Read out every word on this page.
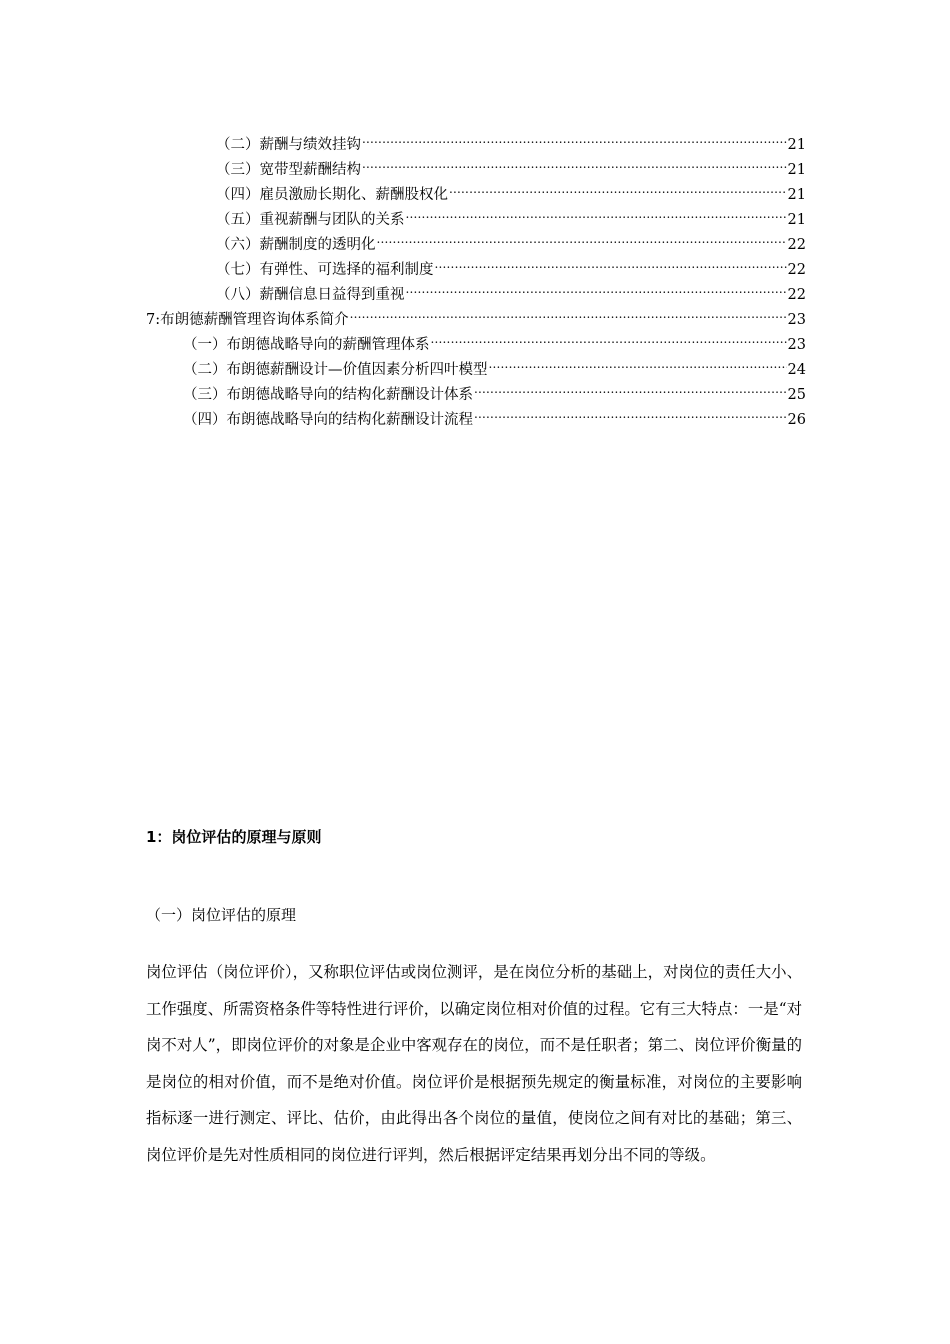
（二）薪酬与绩效挂钩 .....	21
（三）宽带型薪酬结构 .....	21
（四）雇员激励长期化、薪酬股权化 .....	21
（五）重视薪酬与团队的关系 .....	21
（六）薪酬制度的透明化 .....	22
（七）有弹性、可选择的福利制度 .....	22
（八）薪酬信息日益得到重视 .....	22
7:布朗德薪酬管理咨询体系简介 .....	23
（一）布朗德战略导向的薪酬管理体系 .....	23
（二）布朗德薪酬设计—价值因素分析四叶模型 .....	24
（三）布朗德战略导向的结构化薪酬设计体系 .....	25
（四）布朗德战略导向的结构化薪酬设计流程 .....	26
1：岗位评估的原理与原则
（一）岗位评估的原理

岗位评估（岗位评价），又称职位评估或岗位测评，是在岗位分析的基础上，对岗位的责任大小、工作强度、所需资格条件等特性进行评价，以确定岗位相对价值的过程。它有三大特点：一是“对岗不对人”，即岗位评价的对象是企业中客观存在的岗位，而不是任职者；第二、岗位评价衡量的是岗位的相对价值，而不是绝对价值。岗位评价是根据预先规定的衡量标准，对岗位的主要影响指标逐一进行测定、评比、估价，由此得出各个岗位的量值，使岗位之间有对比的基础；第三、岗位评价是先对性质相同的岗位进行评判，然后根据评定结果再划分出不同的等级。
